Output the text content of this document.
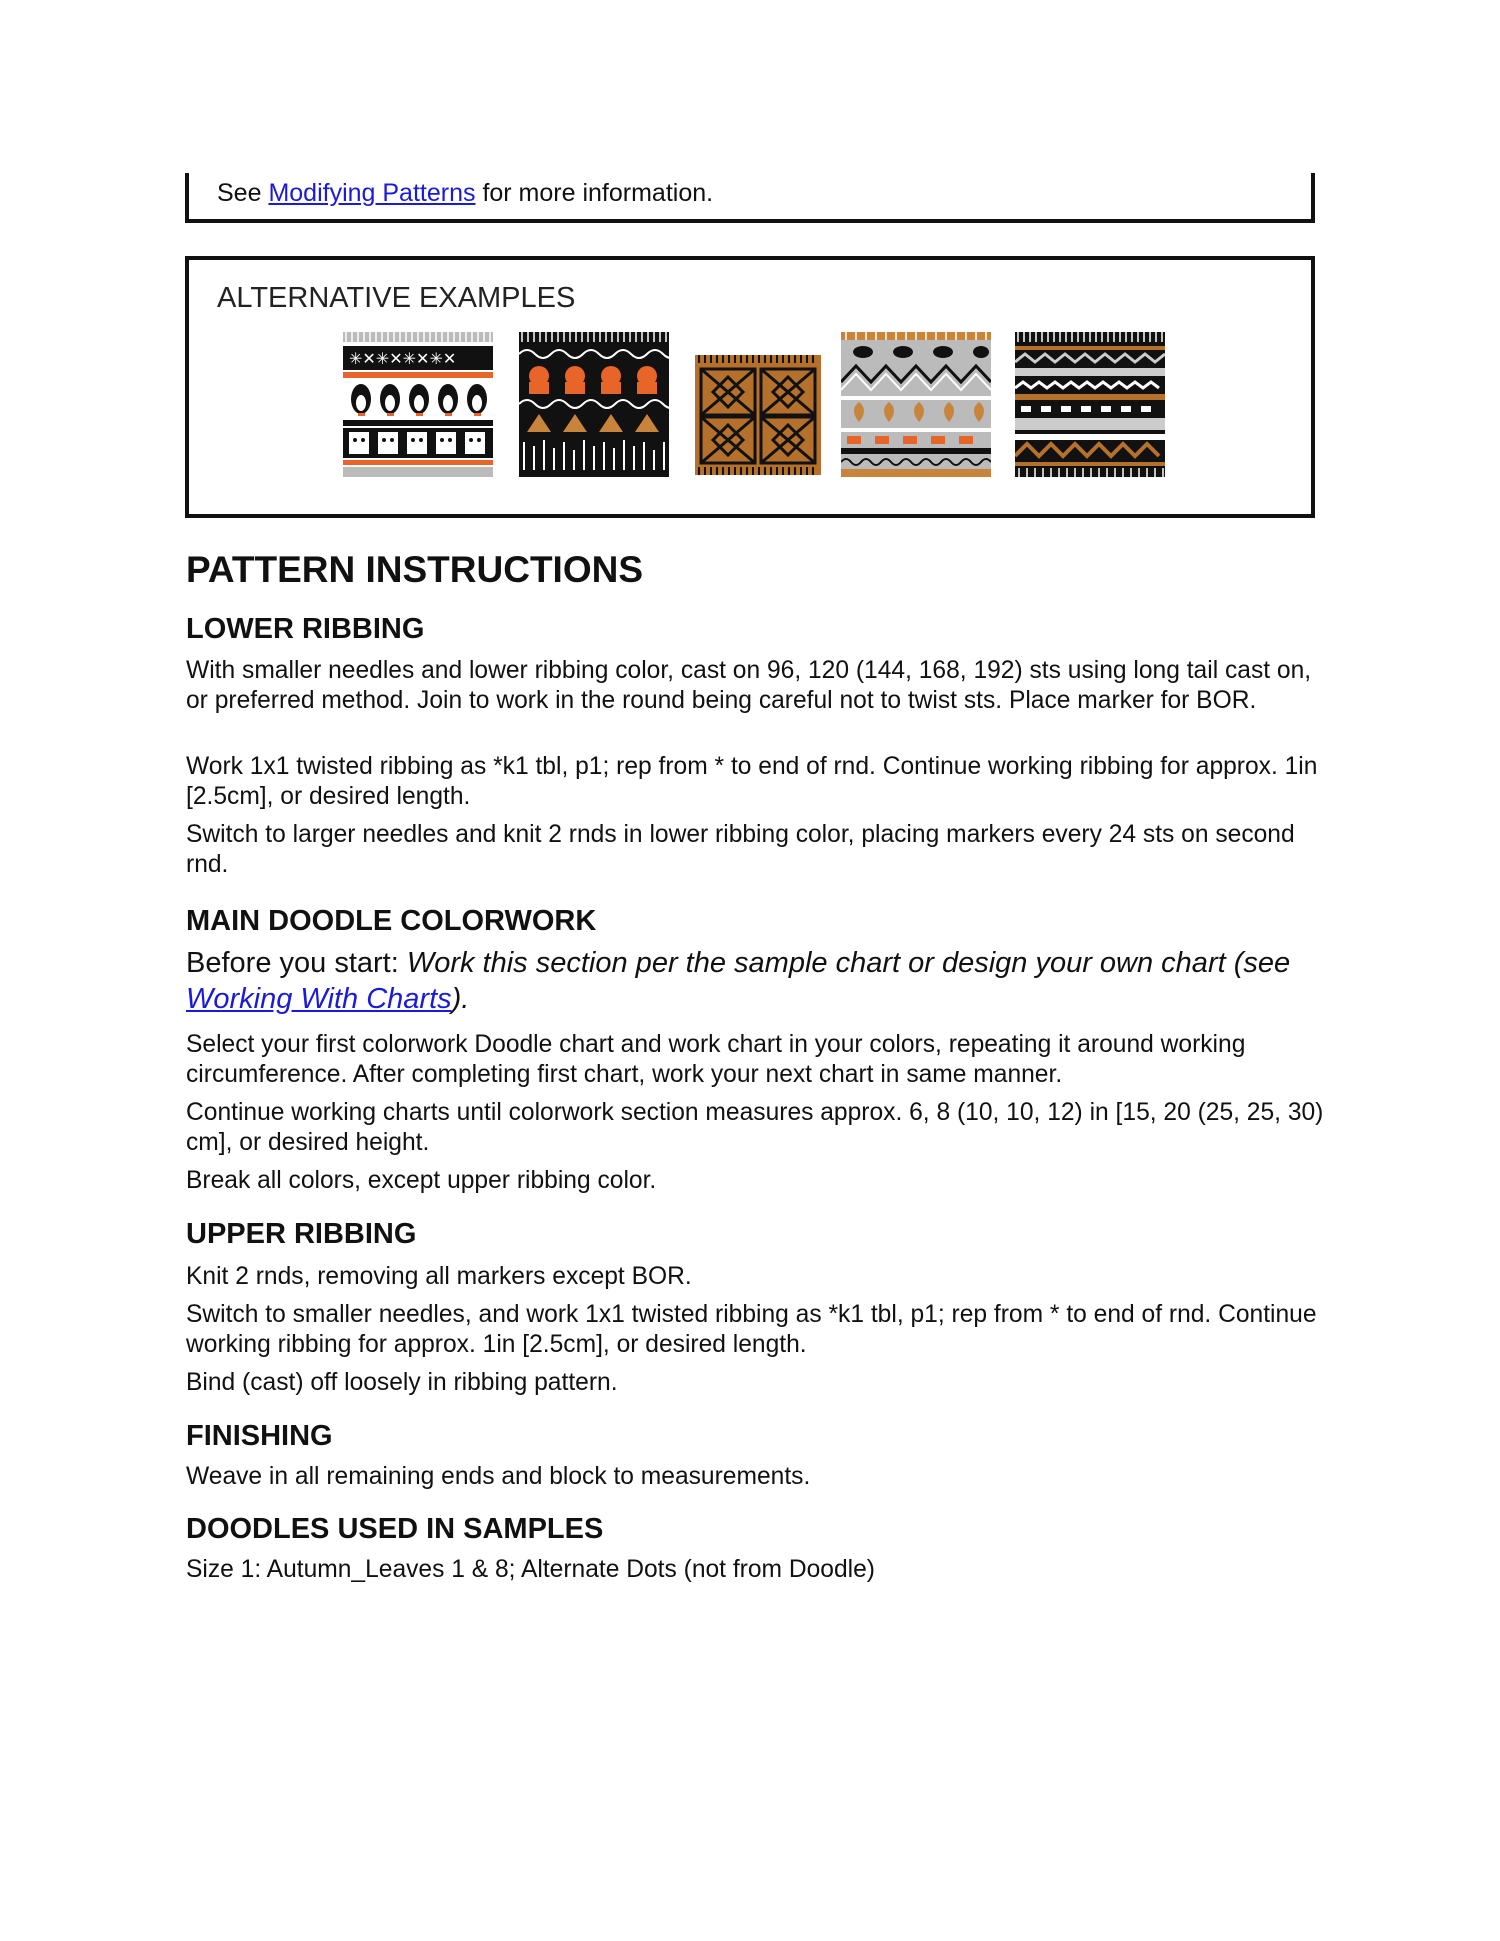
See Modifying Patterns for more information.
ALTERNATIVE EXAMPLES
✳✕✳✕✳✕✳✕
PATTERN INSTRUCTIONS
LOWER RIBBING

With smaller needles and lower ribbing color, cast on 96, 120 (144, 168, 192) sts using long tail cast on, or preferred method. Join to work in the round being careful not to twist sts. Place marker for BOR.

Work 1x1 twisted ribbing as *k1 tbl, p1; rep from * to end of rnd. Continue working ribbing for approx. 1in [2.5cm], or desired length.

Switch to larger needles and knit 2 rnds in lower ribbing color, placing markers every 24 sts on second rnd.

MAIN DOODLE COLORWORK

Before you start: Work this section per the sample chart or design your own chart (see Working With Charts).

Select your first colorwork Doodle chart and work chart in your colors, repeating it around working circumference. After completing first chart, work your next chart in same manner.

Continue working charts until colorwork section measures approx. 6, 8 (10, 10, 12) in [15, 20 (25, 25, 30) cm], or desired height.

Break all colors, except upper ribbing color.

UPPER RIBBING

Knit 2 rnds, removing all markers except BOR.

Switch to smaller needles, and work 1x1 twisted ribbing as *k1 tbl, p1; rep from * to end of rnd. Continue working ribbing for approx. 1in [2.5cm], or desired length.

Bind (cast) off loosely in ribbing pattern.

FINISHING

Weave in all remaining ends and block to measurements.

DOODLES USED IN SAMPLES

Size 1: Autumn_Leaves 1 & 8; Alternate Dots (not from Doodle)
